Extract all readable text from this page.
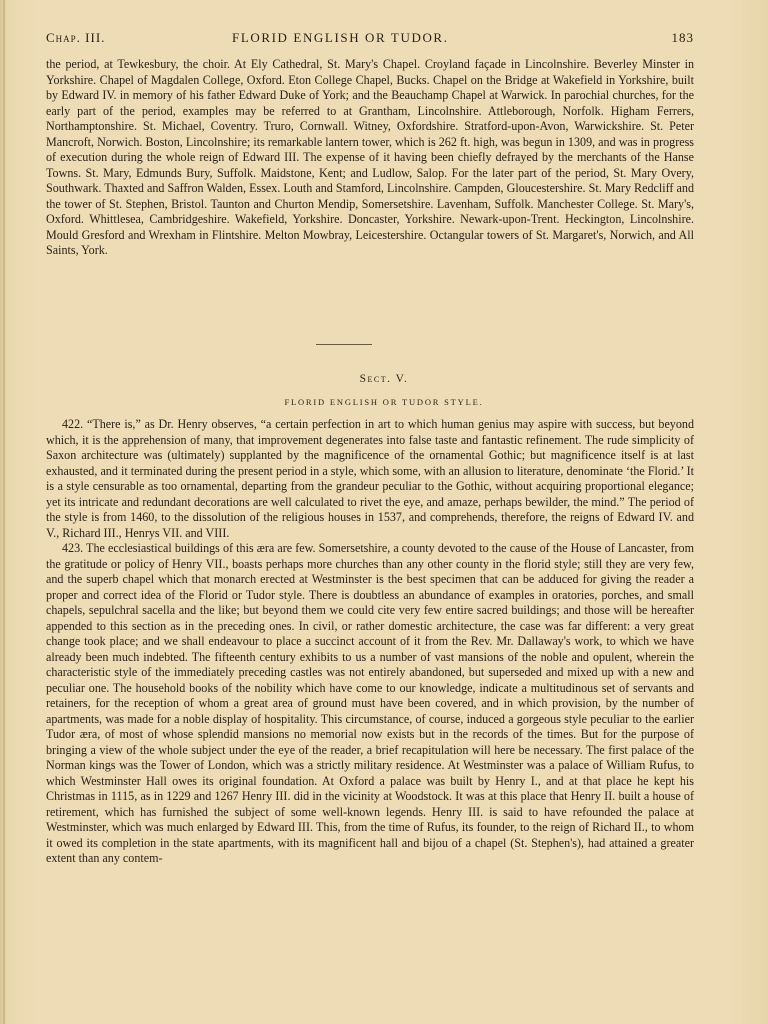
Chap. III.	FLORID ENGLISH OR TUDOR.	183

the period, at Tewkesbury, the choir. At Ely Cathedral, St. Mary's Chapel. Croyland façade in Lincolnshire. Beverley Minster in Yorkshire. Chapel of Magdalen College, Oxford. Eton College Chapel, Bucks. Chapel on the Bridge at Wakefield in Yorkshire, built by Edward IV. in memory of his father Edward Duke of York; and the Beauchamp Chapel at Warwick. In parochial churches, for the early part of the period, examples may be referred to at Grantham, Lincolnshire. Attleborough, Norfolk. Higham Ferrers, Northamptonshire. St. Michael, Coventry. Truro, Cornwall. Witney, Oxfordshire. Stratford-upon-Avon, Warwickshire. St. Peter Mancroft, Norwich. Boston, Lincolnshire; its remarkable lantern tower, which is 262 ft. high, was begun in 1309, and was in progress of execution during the whole reign of Edward III. The expense of it having been chiefly defrayed by the merchants of the Hanse Towns. St. Mary, Edmunds Bury, Suffolk. Maidstone, Kent; and Ludlow, Salop. For the later part of the period, St. Mary Overy, Southwark. Thaxted and Saffron Walden, Essex. Louth and Stamford, Lincolnshire. Campden, Gloucestershire. St. Mary Redcliff and the tower of St. Stephen, Bristol. Taunton and Churton Mendip, Somersetshire. Lavenham, Suffolk. Manchester College. St. Mary's, Oxford. Whittlesea, Cambridgeshire. Wakefield, Yorkshire. Doncaster, Yorkshire. Newark-upon-Trent. Heckington, Lincolnshire. Mould Gresford and Wrexham in Flintshire. Melton Mowbray, Leicestershire. Octangular towers of St. Margaret's, Norwich, and All Saints, York.

Sect. V.
FLORID ENGLISH OR TUDOR STYLE.

422. “There is,” as Dr. Henry observes, “a certain perfection in art to which human genius may aspire with success, but beyond which, it is the apprehension of many, that improvement degenerates into false taste and fantastic refinement. The rude simplicity of Saxon architecture was (ultimately) supplanted by the magnificence of the ornamental Gothic; but magnificence itself is at last exhausted, and it terminated during the present period in a style, which some, with an allusion to literature, denominate ‘the Florid.’ It is a style censurable as too ornamental, departing from the grandeur peculiar to the Gothic, without acquiring proportional elegance; yet its intricate and redundant decorations are well calculated to rivet the eye, and amaze, perhaps bewilder, the mind.” The period of the style is from 1460, to the dissolution of the religious houses in 1537, and comprehends, therefore, the reigns of Edward IV. and V., Richard III., Henrys VII. and VIII.

423. The ecclesiastical buildings of this æra are few. Somersetshire, a county devoted to the cause of the House of Lancaster, from the gratitude or policy of Henry VII., boasts perhaps more churches than any other county in the florid style; still they are very few, and the superb chapel which that monarch erected at Westminster is the best specimen that can be adduced for giving the reader a proper and correct idea of the Florid or Tudor style. There is doubtless an abundance of examples in oratories, porches, and small chapels, sepulchral sacella and the like; but beyond them we could cite very few entire sacred buildings; and those will be hereafter appended to this section as in the preceding ones. In civil, or rather domestic architecture, the case was far different: a very great change took place; and we shall endeavour to place a succinct account of it from the Rev. Mr. Dallaway's work, to which we have already been much indebted. The fifteenth century exhibits to us a number of vast mansions of the noble and opulent, wherein the characteristic style of the immediately preceding castles was not entirely abandoned, but superseded and mixed up with a new and peculiar one. The household books of the nobility which have come to our knowledge, indicate a multitudinous set of servants and retainers, for the reception of whom a great area of ground must have been covered, and in which provision, by the number of apartments, was made for a noble display of hospitality. This circumstance, of course, induced a gorgeous style peculiar to the earlier Tudor æra, of most of whose splendid mansions no memorial now exists but in the records of the times. But for the purpose of bringing a view of the whole subject under the eye of the reader, a brief recapitulation will here be necessary. The first palace of the Norman kings was the Tower of London, which was a strictly military residence. At Westminster was a palace of William Rufus, to which Westminster Hall owes its original foundation. At Oxford a palace was built by Henry I., and at that place he kept his Christmas in 1115, as in 1229 and 1267 Henry III. did in the vicinity at Woodstock. It was at this place that Henry II. built a house of retirement, which has furnished the subject of some well-known legends. Henry III. is said to have refounded the palace at Westminster, which was much enlarged by Edward III. This, from the time of Rufus, its founder, to the reign of Richard II., to whom it owed its completion in the state apartments, with its magnificent hall and bijou of a chapel (St. Stephen's), had attained a greater extent than any contem-
